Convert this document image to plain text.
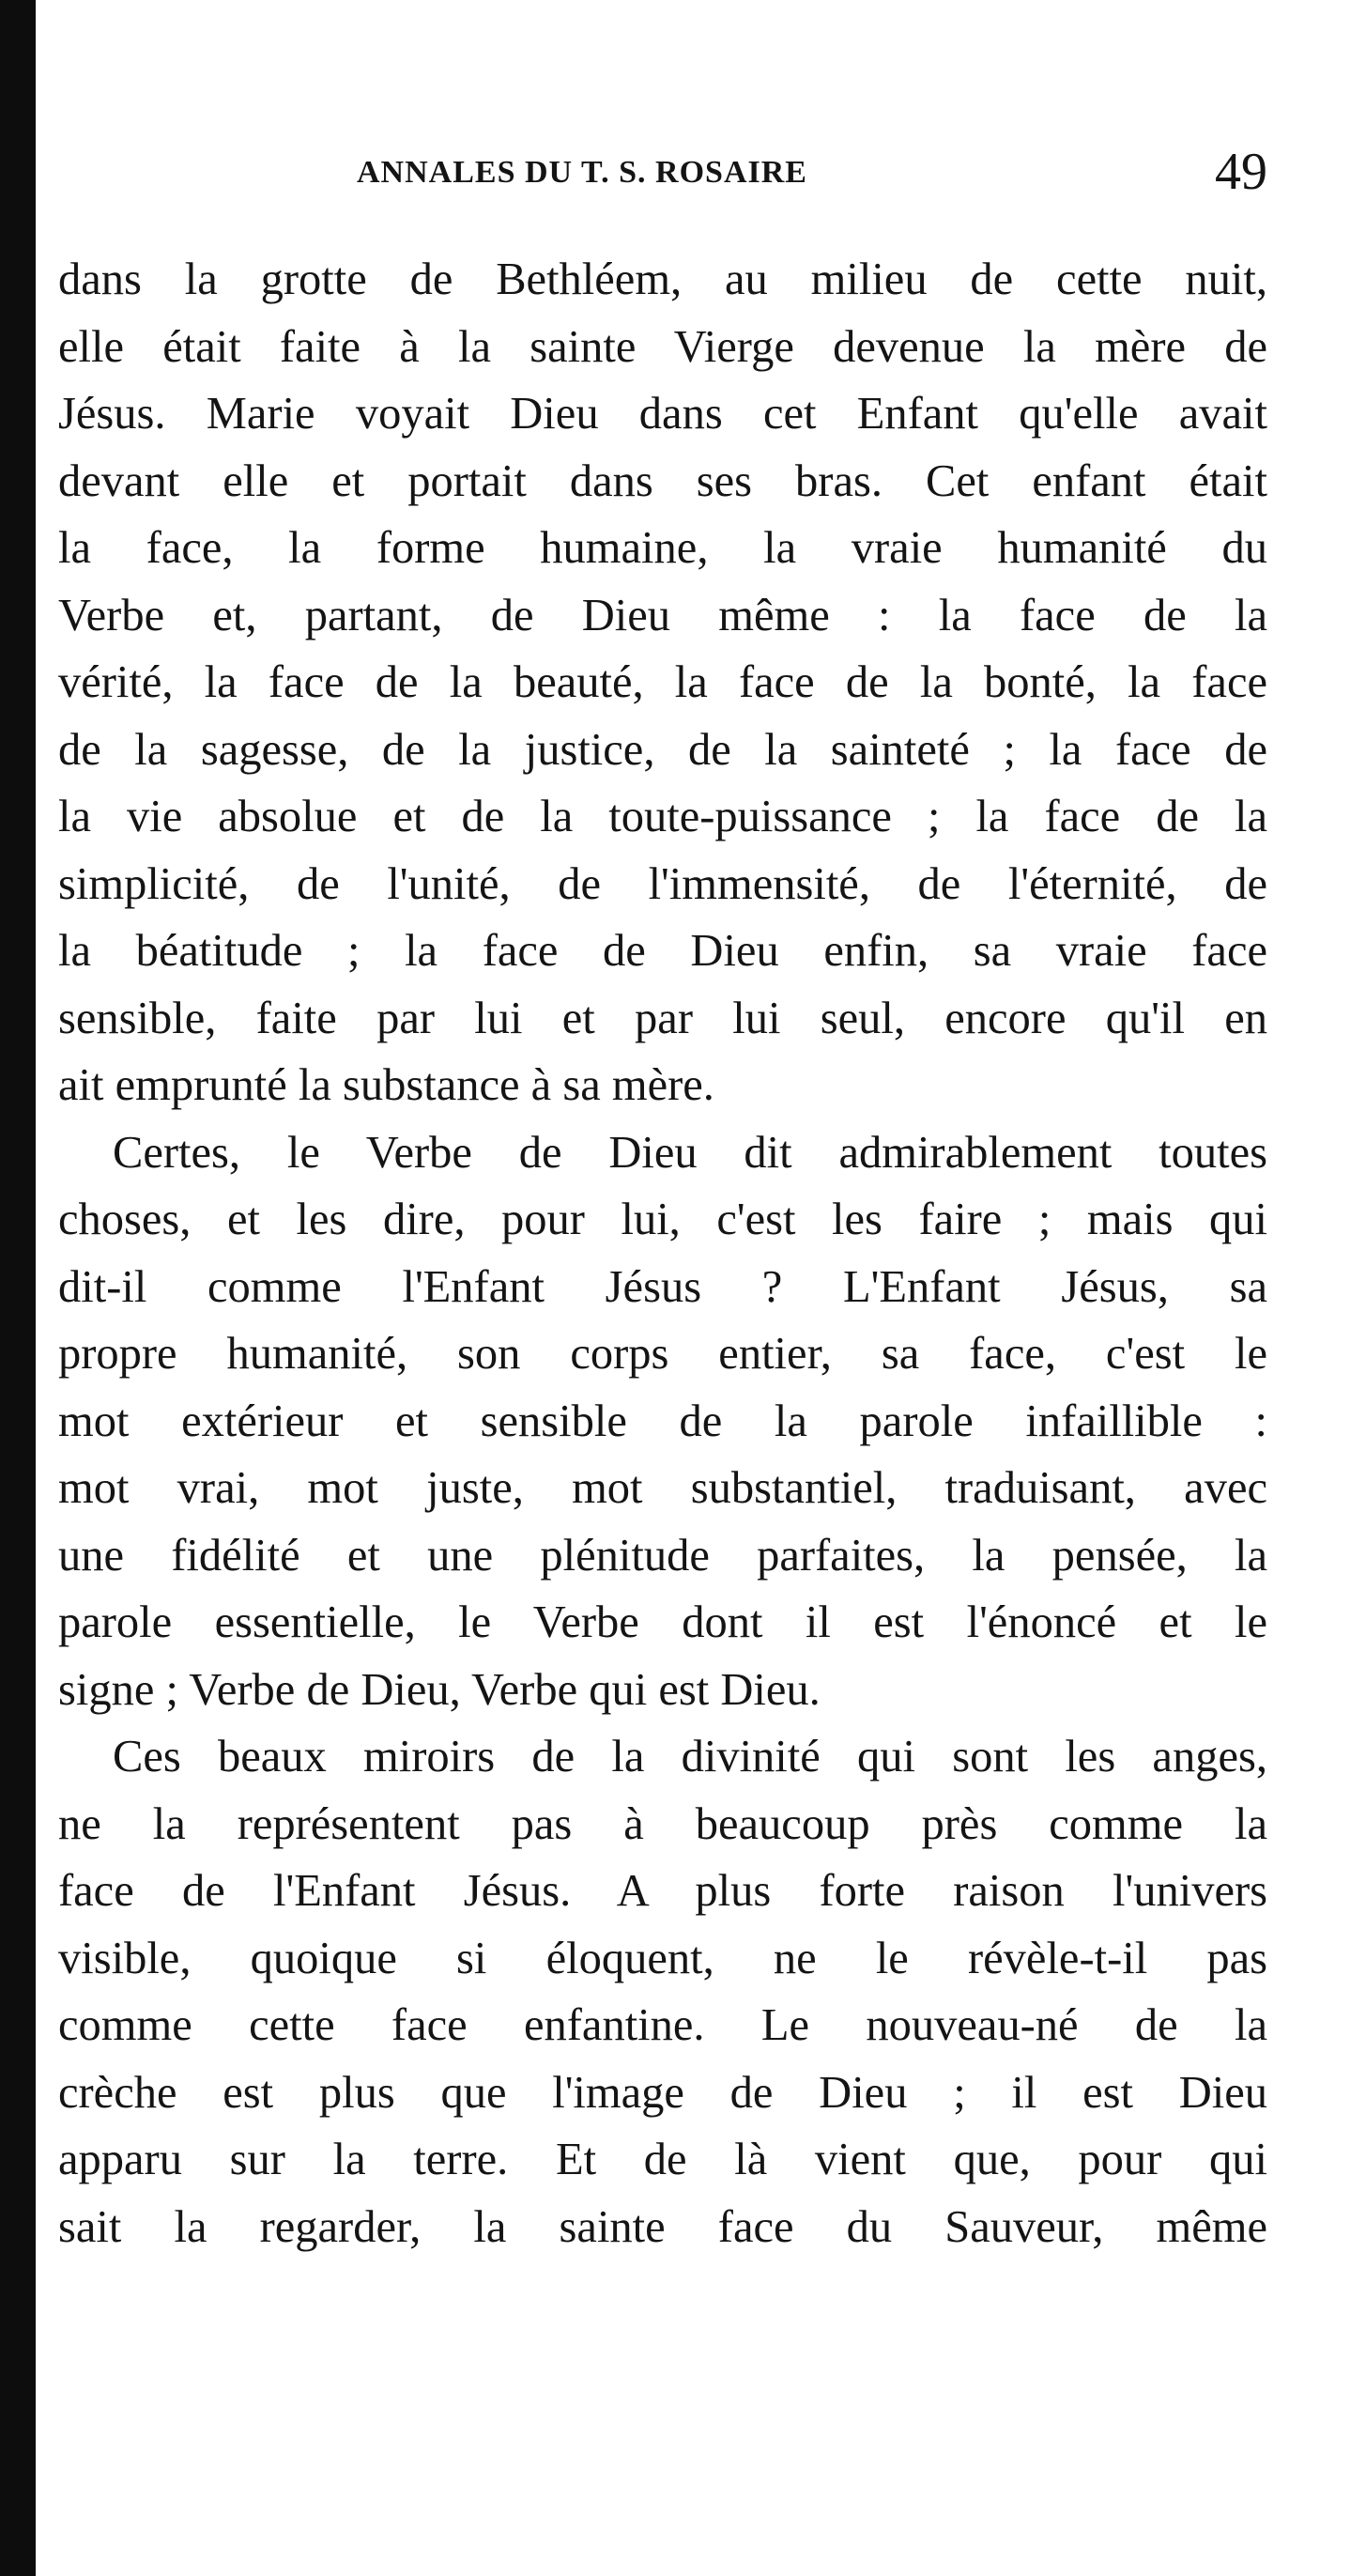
ANNALES DU T. S. ROSAIRE	49
dans la grotte de Bethléem, au milieu de cette nuit,
elle était faite à la sainte Vierge devenue la mère de
Jésus. Marie voyait Dieu dans cet Enfant qu'elle avait
devant elle et portait dans ses bras. Cet enfant était
la face, la forme humaine, la vraie humanité du
Verbe et, partant, de Dieu même : la face de la
vérité, la face de la beauté, la face de la bonté, la face
de la sagesse, de la justice, de la sainteté ; la face de
la vie absolue et de la toute-puissance ; la face de la
simplicité, de l'unité, de l'immensité, de l'éternité, de
la béatitude ; la face de Dieu enfin, sa vraie face
sensible, faite par lui et par lui seul, encore qu'il en
ait emprunté la substance à sa mère.
Certes, le Verbe de Dieu dit admirablement toutes
choses, et les dire, pour lui, c'est les faire ; mais qui
dit-il comme l'Enfant Jésus ? L'Enfant Jésus, sa
propre humanité, son corps entier, sa face, c'est le
mot extérieur et sensible de la parole infaillible :
mot vrai, mot juste, mot substantiel, traduisant, avec
une fidélité et une plénitude parfaites, la pensée, la
parole essentielle, le Verbe dont il est l'énoncé et le
signe ; Verbe de Dieu, Verbe qui est Dieu.
Ces beaux miroirs de la divinité qui sont les anges,
ne la représentent pas à beaucoup près comme la
face de l'Enfant Jésus. A plus forte raison l'univers
visible, quoique si éloquent, ne le révèle-t-il pas
comme cette face enfantine. Le nouveau-né de la
crèche est plus que l'image de Dieu ; il est Dieu
apparu sur la terre. Et de là vient que, pour qui
sait la regarder, la sainte face du Sauveur, même
